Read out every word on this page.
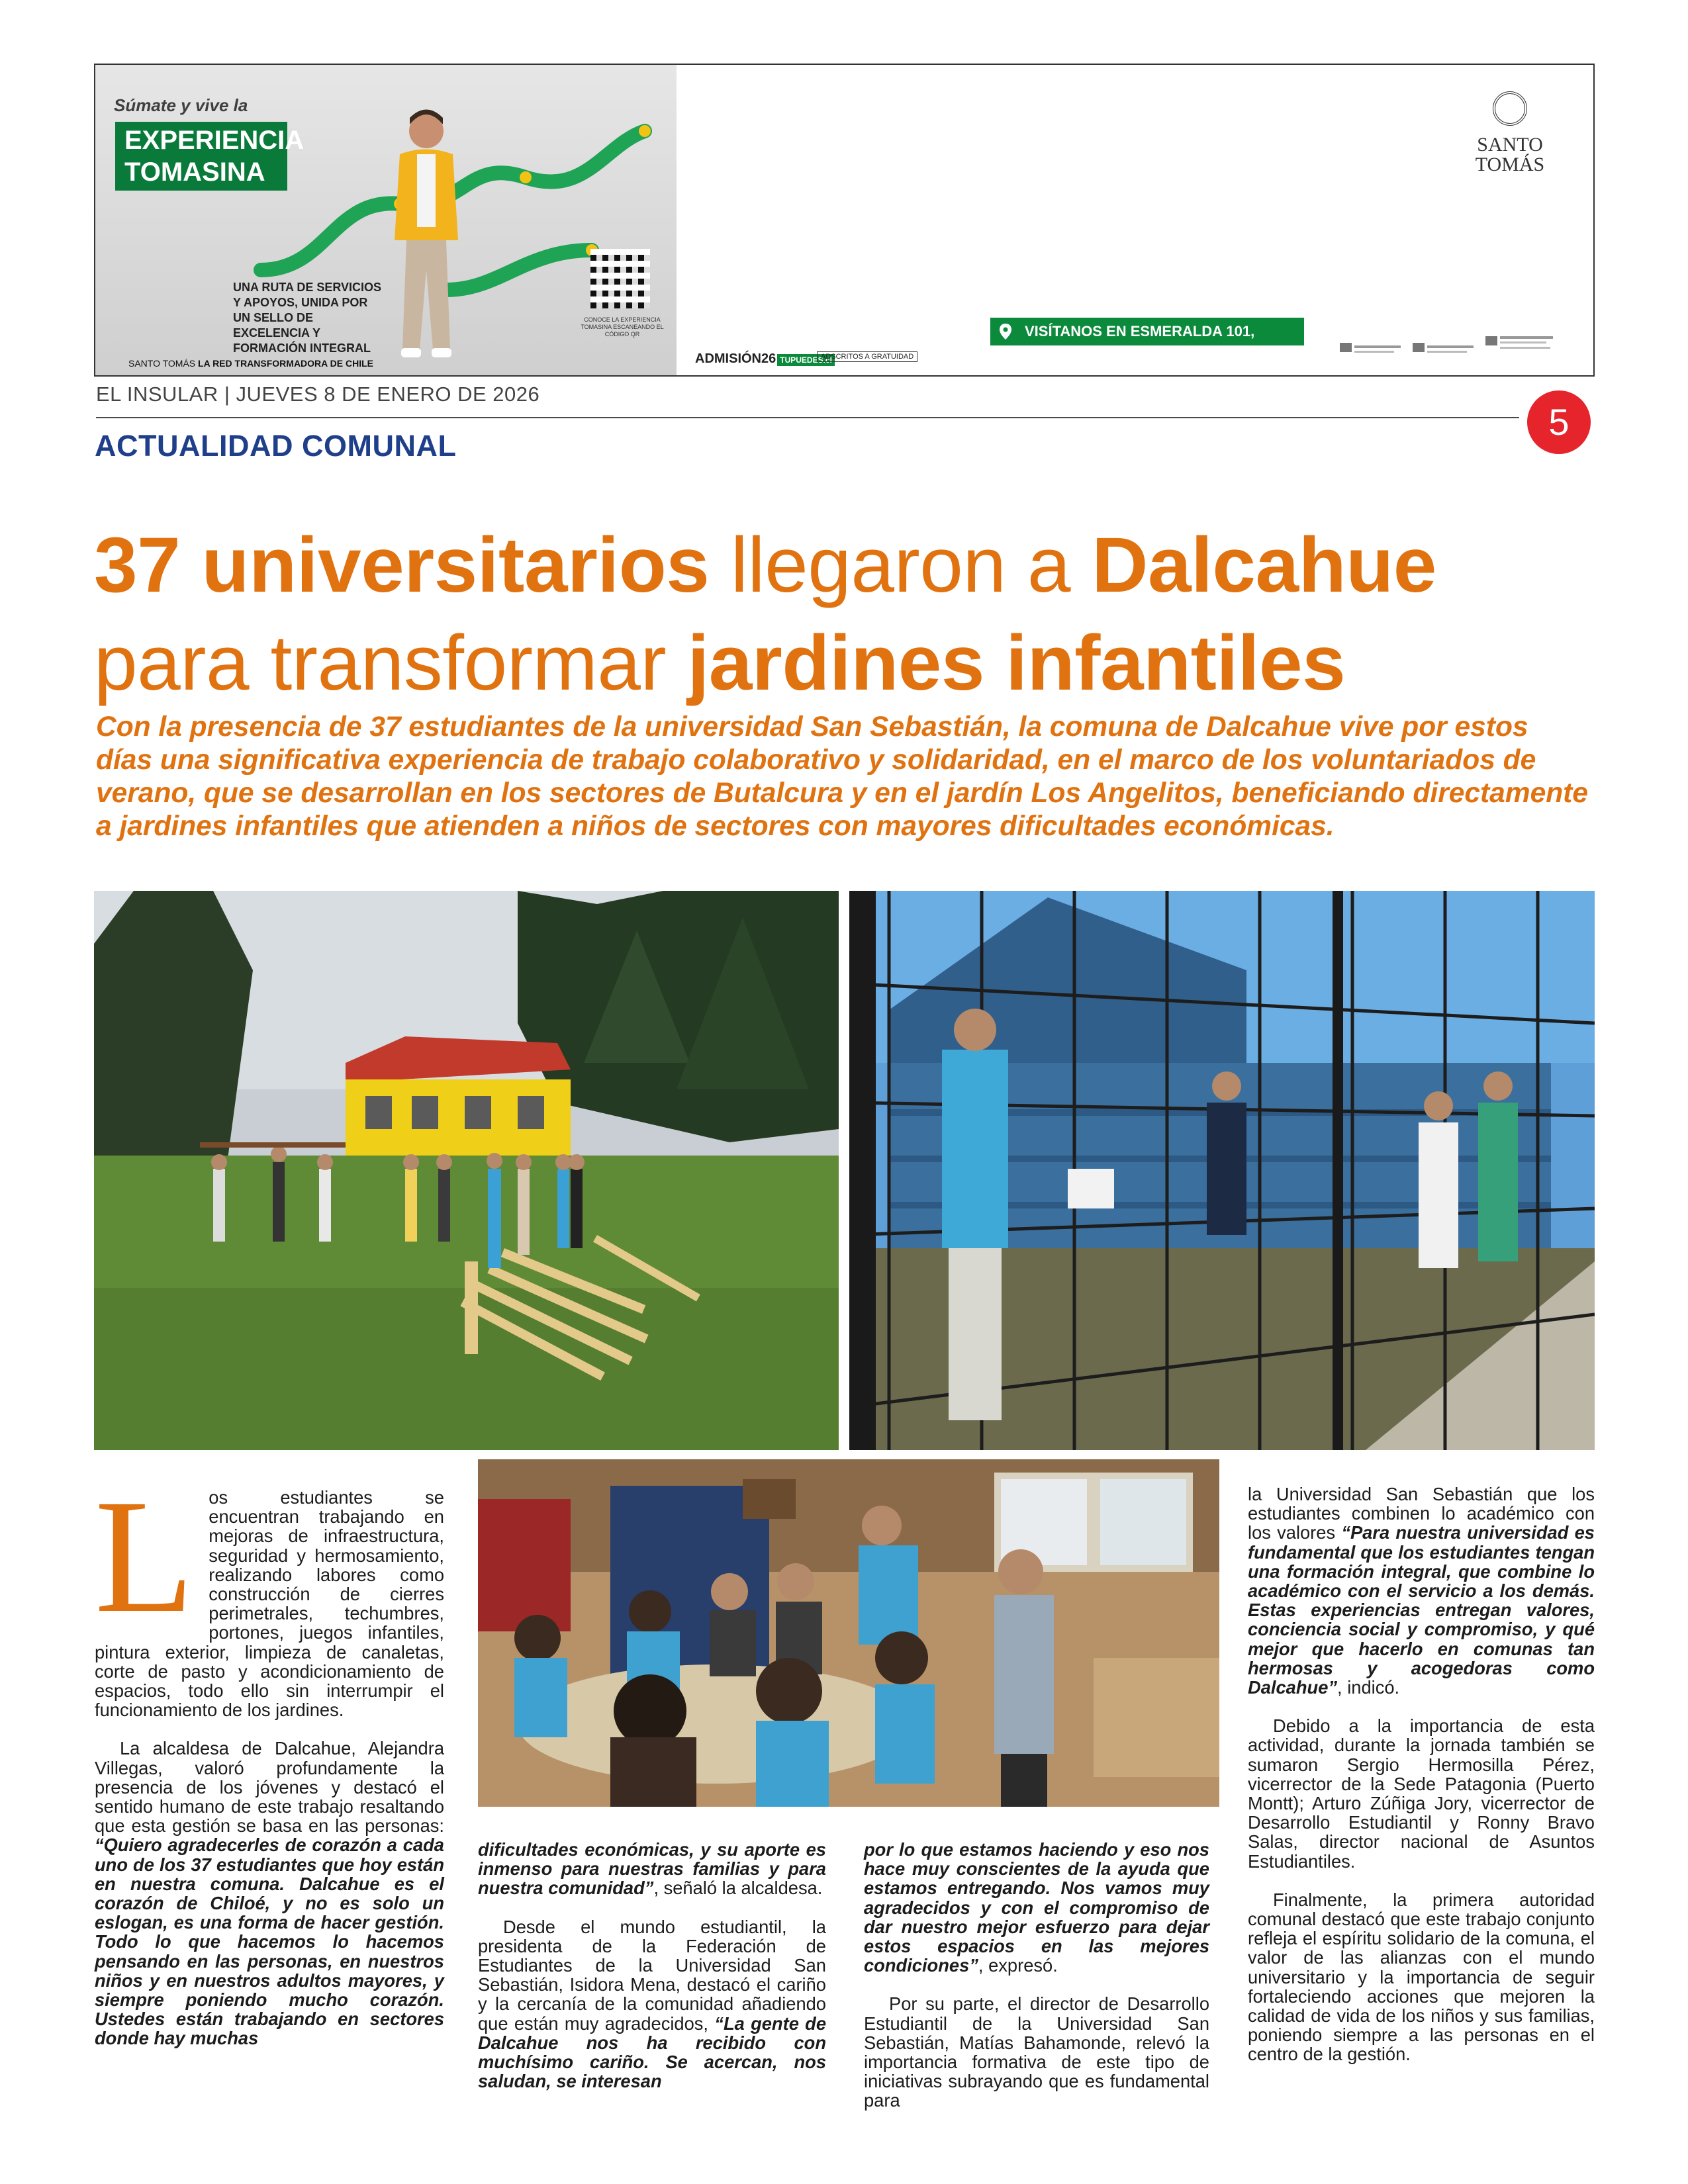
Súmate y vive la
EXPERIENCIA
TOMASINA
UNA RUTA DE SERVICIOS Y APOYOS, UNIDA POR UN SELLO DE EXCELENCIA Y FORMACIÓN INTEGRAL
CONOCE LA EXPERIENCIA TOMASINA ESCANEANDO EL CÓDIGO QR
SANTO TOMÁS LA RED TRANSFORMADORA DE CHILE
SANTO
TOMÁS
VISÍTANOS EN ESMERALDA 101, PUERTO MONTT
ADMISIÓN26 TUPUEDES.cl
ADSCRITOS A GRATUIDAD
EL INSULAR | JUEVES 8 DE ENERO DE 2026
5
ACTUALIDAD COMUNAL
37 universitarios llegaron a Dalcahue
para transformar jardines infantiles
Con la presencia de 37 estudiantes de la universidad San Sebastián, la comuna de Dalcahue vive por estos días una significativa experiencia de trabajo colaborativo y solidaridad, en el marco de los voluntariados de verano, que se desarrollan en los sectores de Butalcura y en el jardín Los Angelitos, beneficiando directamente a jardines infantiles que atienden a niños de sectores con mayores dificultades económicas.

Los estudiantes se encuentran trabajando en mejoras de infraestructura, seguridad y hermosamiento, realizando labores como construcción de cierres perimetrales, techumbres, portones, juegos infantiles, pintura exterior, limpieza de canaletas, corte de pasto y acondicionamiento de espacios, todo ello sin interrumpir el funcionamiento de los jardines.

La alcaldesa de Dalcahue, Alejandra Villegas, valoró profundamente la presencia de los jóvenes y destacó el sentido humano de este trabajo resaltando que esta gestión se basa en las personas: “Quiero agradecerles de corazón a cada uno de los 37 estudiantes que hoy están en nuestra comuna. Dalcahue es el corazón de Chiloé, y no es solo un eslogan, es una forma de hacer gestión. Todo lo que hacemos lo hacemos pensando en las personas, en nuestros niños y en nuestros adultos mayores, y siempre poniendo mucho corazón. Ustedes están trabajando en sectores donde hay muchas

dificultades económicas, y su aporte es inmenso para nuestras familias y para nuestra comunidad”, señaló la alcaldesa.

Desde el mundo estudiantil, la presidenta de la Federación de Estudiantes de la Universidad San Sebastián, Isidora Mena, destacó el cariño y la cercanía de la comunidad añadiendo que están muy agradecidos, “La gente de Dalcahue nos ha recibido con muchísimo cariño. Se acercan, nos saludan, se interesan

por lo que estamos haciendo y eso nos hace muy conscientes de la ayuda que estamos entregando. Nos vamos muy agradecidos y con el compromiso de dar nuestro mejor esfuerzo para dejar estos espacios en las mejores condiciones”, expresó.

Por su parte, el director de Desarrollo Estudiantil de la Universidad San Sebastián, Matías Bahamonde, relevó la importancia formativa de este tipo de iniciativas subrayando que es fundamental para

la Universidad San Sebastián que los estudiantes combinen lo académico con los valores “Para nuestra universidad es fundamental que los estudiantes tengan una formación integral, que combine lo académico con el servicio a los demás. Estas experiencias entregan valores, conciencia social y compromiso, y qué mejor que hacerlo en comunas tan hermosas y acogedoras como Dalcahue”, indicó.

Debido a la importancia de esta actividad, durante la jornada también se sumaron Sergio Hermosilla Pérez, vicerrector de la Sede Patagonia (Puerto Montt); Arturo Zúñiga Jory, vicerrector de Desarrollo Estudiantil y Ronny Bravo Salas, director nacional de Asuntos Estudiantiles.

Finalmente, la primera autoridad comunal destacó que este trabajo conjunto refleja el espíritu solidario de la comuna, el valor de las alianzas con el mundo universitario y la importancia de seguir fortaleciendo acciones que mejoren la calidad de vida de los niños y sus familias, poniendo siempre a las personas en el centro de la gestión.
